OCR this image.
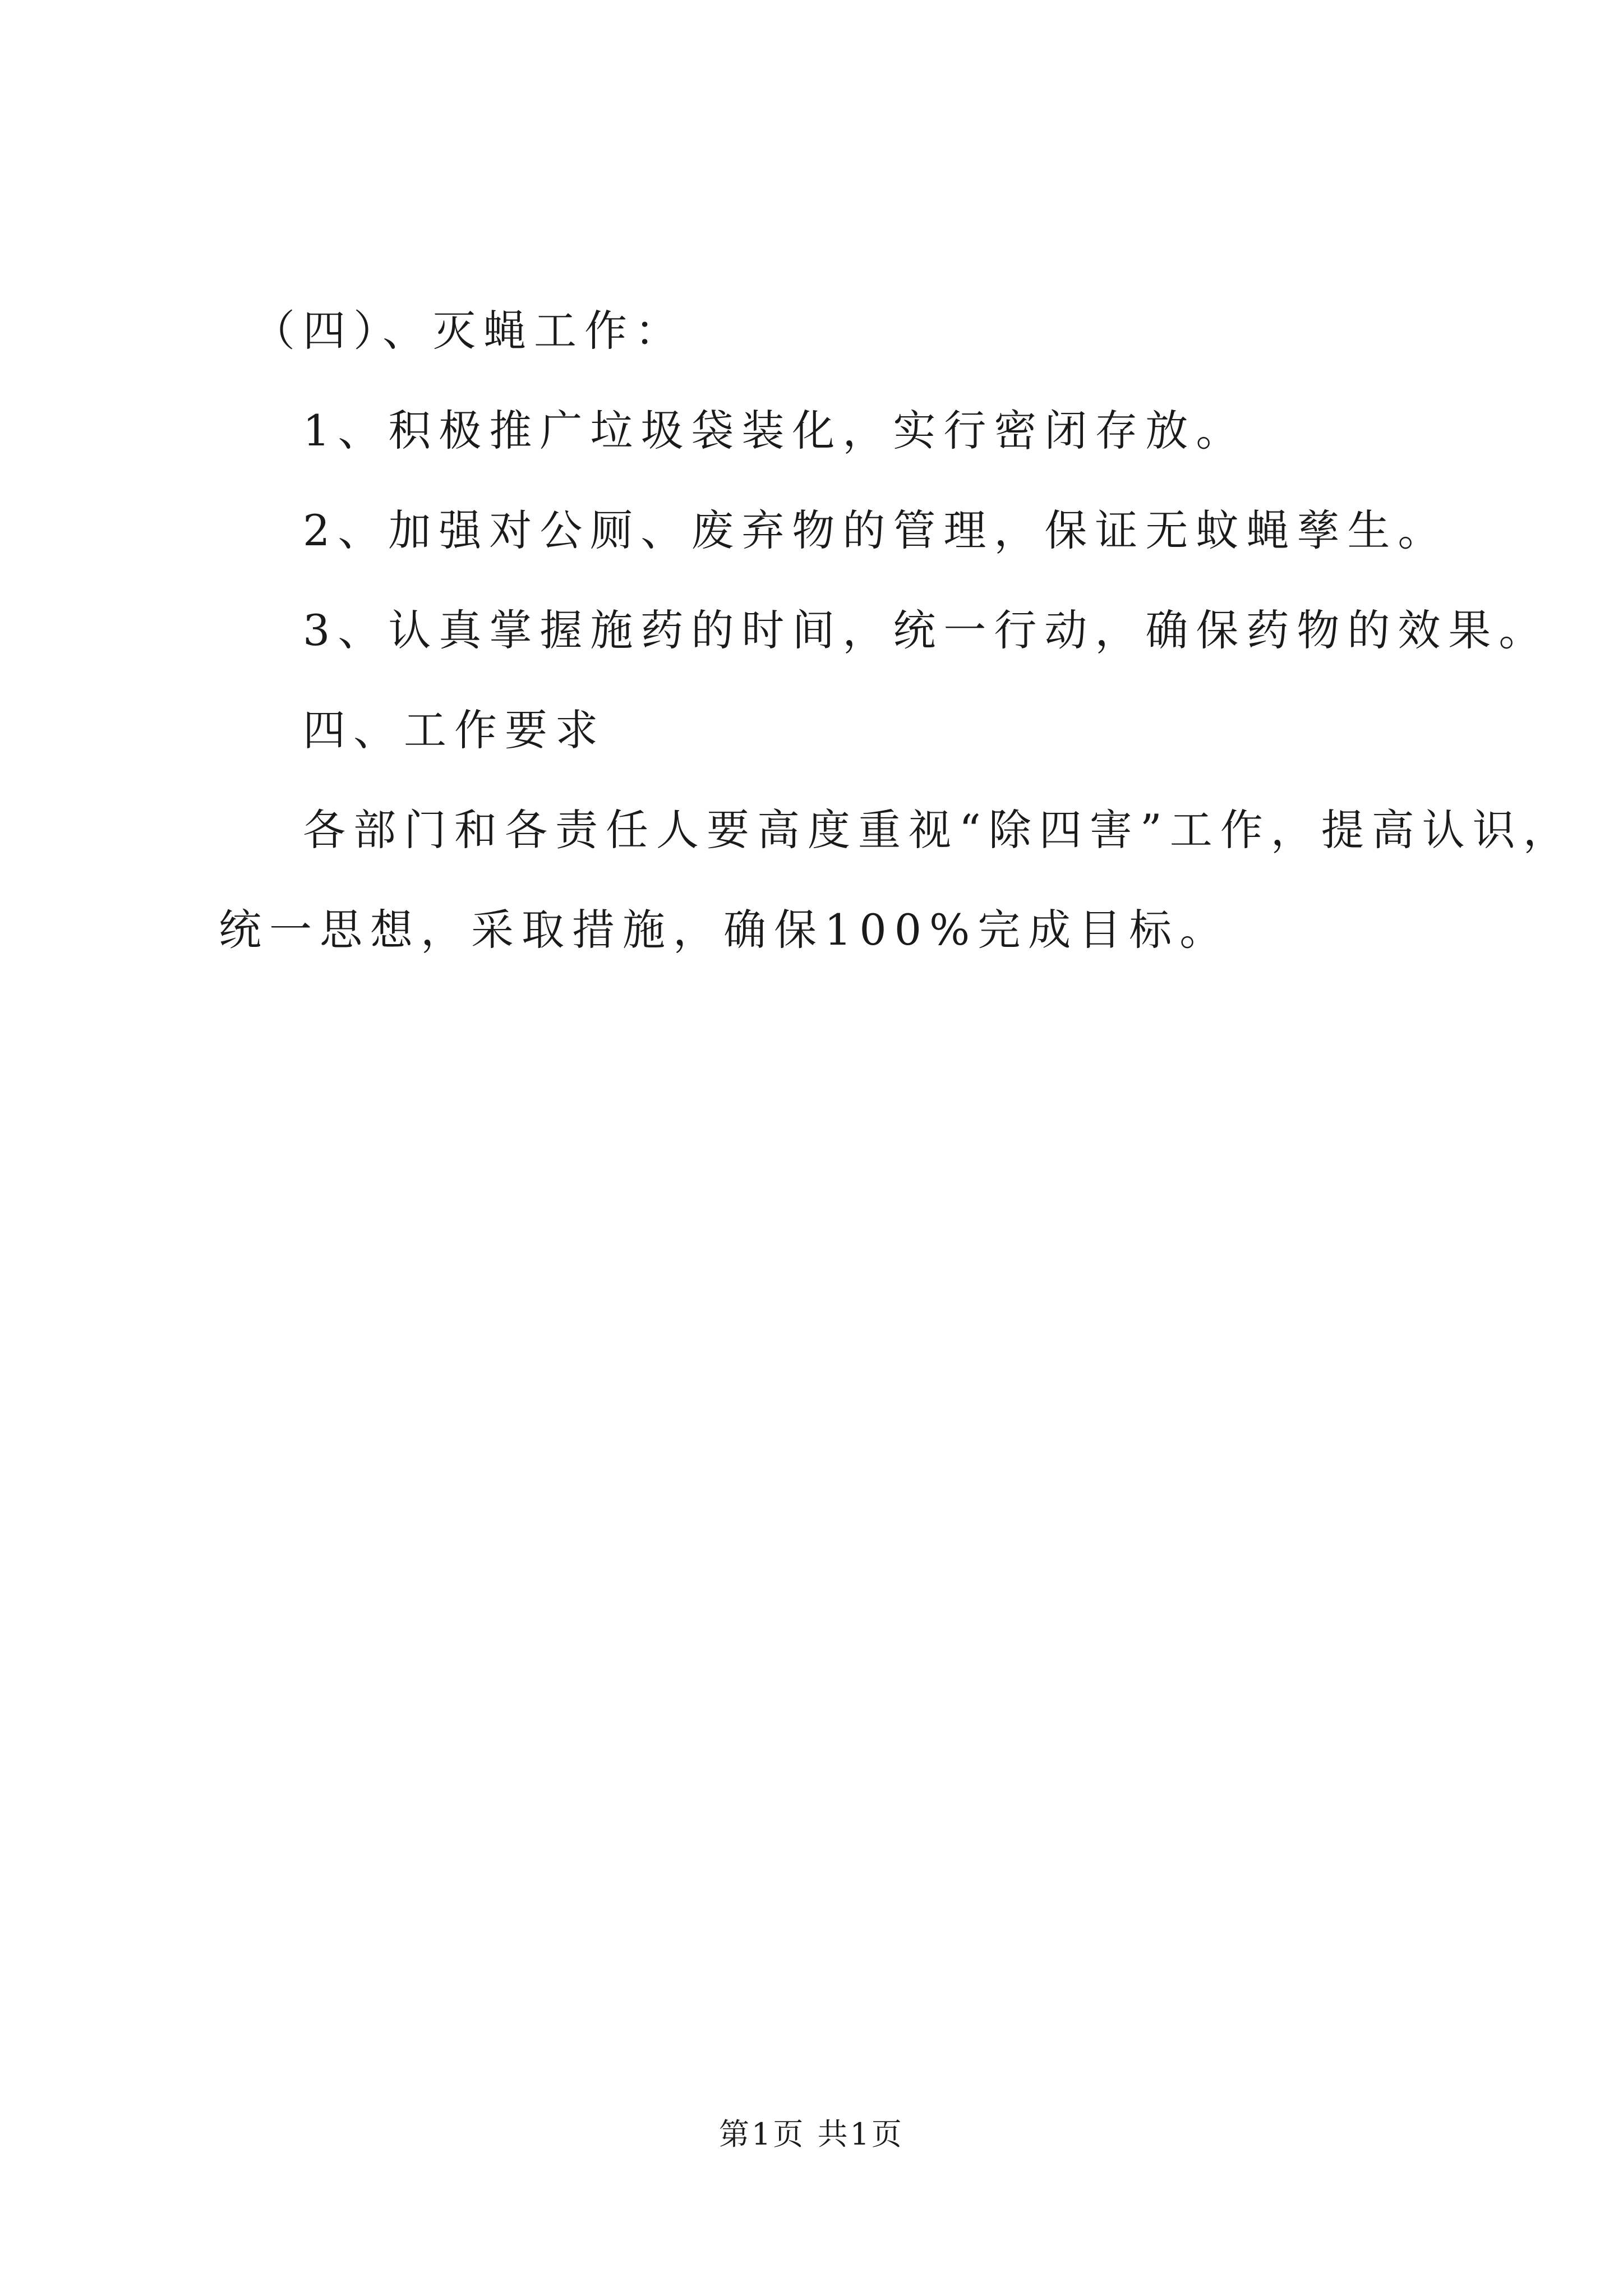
（四）、灭蝇工作：

1、积极推广垃圾袋装化，实行密闭存放。

2、加强对公厕、废弃物的管理，保证无蚊蝇孳生。

3、认真掌握施药的时间，统一行动，确保药物的效果。

四、工作要求

各部门和各责任人要高度重视“除四害”工作，提高认识，

统一思想，采取措施，确保100%完成目标。

第1页 共1页
